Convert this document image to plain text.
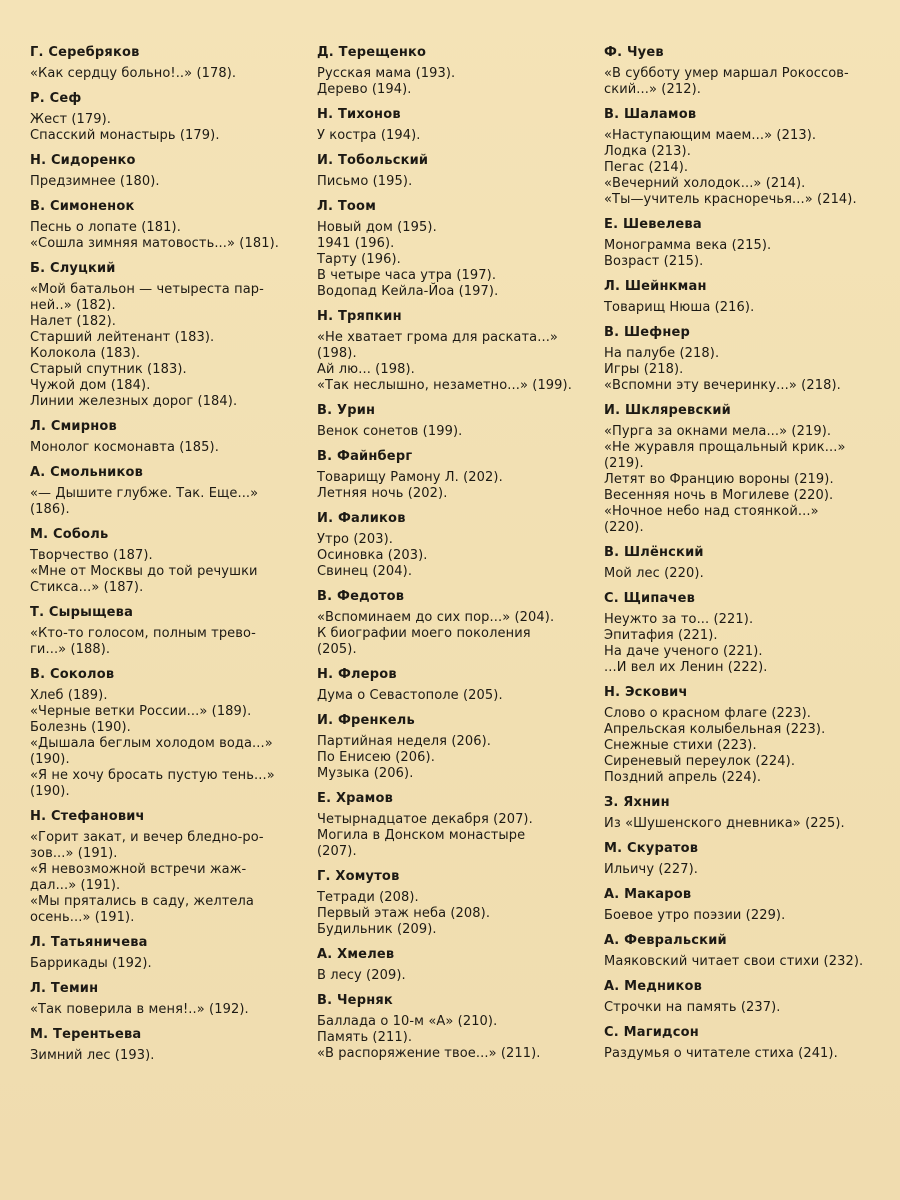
Г. Серебряков
«Как сердцу больно!..» (178).
Р. Сеф
Жест (179).
Спасский монастырь (179).
Н. Сидоренко
Предзимнее (180).
В. Симоненок
Песнь о лопате (181).
«Сошла зимняя матовость...» (181).
Б. Слуцкий
«Мой батальон — четыреста пар-
ней..» (182).
Налет (182).
Старший лейтенант (183).
Колокола (183).
Старый спутник (183).
Чужой дом (184).
Линии железных дорог (184).
Л. Смирнов
Монолог космонавта (185).
А. Смольников
«— Дышите глубже. Так. Еще...»
(186).
М. Соболь
Творчество (187).
«Мне от Москвы до той речушки
Стикса...» (187).
Т. Сырыщева
«Кто-то голосом, полным трево-
ги...» (188).
В. Соколов
Хлеб (189).
«Черные ветки России...» (189).
Болезнь (190).
«Дышала беглым холодом вода...»
(190).
«Я не хочу бросать пустую тень...»
(190).
Н. Стефанович
«Горит закат, и вечер бледно-ро-
зов...» (191).
«Я невозможной встречи жаж-
дал...» (191).
«Мы прятались в саду, желтела
осень...» (191).
Л. Татьяничева
Баррикады (192).
Л. Темин
«Так поверила в меня!..» (192).
М. Терентьева
Зимний лес (193).
Д. Терещенко
Русская мама (193).
Дерево (194).
Н. Тихонов
У костра (194).
И. Тобольский
Письмо (195).
Л. Тоом
Новый дом (195).
1941 (196).
Тарту (196).
В четыре часа утра (197).
Водопад Кейла-Йоа (197).
Н. Тряпкин
«Не хватает грома для раската...»
(198).
Ай лю... (198).
«Так неслышно, незаметно...» (199).
В. Урин
Венок сонетов (199).
В. Файнберг
Товарищу Рамону Л. (202).
Летняя ночь (202).
И. Фаликов
Утро (203).
Осиновка (203).
Свинец (204).
В. Федотов
«Вспоминаем до сих пор...» (204).
К биографии моего поколения
(205).
Н. Флеров
Дума о Севастополе (205).
И. Френкель
Партийная неделя (206).
По Енисею (206).
Музыка (206).
Е. Храмов
Четырнадцатое декабря (207).
Могила в Донском монастыре
(207).
Г. Хомутов
Тетради (208).
Первый этаж неба (208).
Будильник (209).
А. Хмелев
В лесу (209).
В. Черняк
Баллада о 10-м «А» (210).
Память (211).
«В распоряжение твое...» (211).
Ф. Чуев
«В субботу умер маршал Рокоссов-
ский...» (212).
В. Шаламов
«Наступающим маем...» (213).
Лодка (213).
Пегас (214).
«Вечерний холодок...» (214).
«Ты—учитель красноречья...» (214).
Е. Шевелева
Монограмма века (215).
Возраст (215).
Л. Шейнкман
Товарищ Нюша (216).
В. Шефнер
На палубе (218).
Игры (218).
«Вспомни эту вечеринку...» (218).
И. Шкляревский
«Пурга за окнами мела...» (219).
«Не журавля прощальный крик...»
(219).
Летят во Францию вороны (219).
Весенняя ночь в Могилеве (220).
«Ночное небо над стоянкой...»
(220).
В. Шлёнский
Мой лес (220).
С. Щипачев
Неужто за то... (221).
Эпитафия (221).
На даче ученого (221).
...И вел их Ленин (222).
Н. Эскович
Слово о красном флаге (223).
Апрельская колыбельная (223).
Снежные стихи (223).
Сиреневый переулок (224).
Поздний апрель (224).
З. Яхнин
Из «Шушенского дневника» (225).
М. Скуратов
Ильичу (227).
А. Макаров
Боевое утро поэзии (229).
А. Февральский
Маяковский читает свои стихи (232).
А. Медников
Строчки на память (237).
С. Магидсон
Раздумья о читателе стиха (241).
